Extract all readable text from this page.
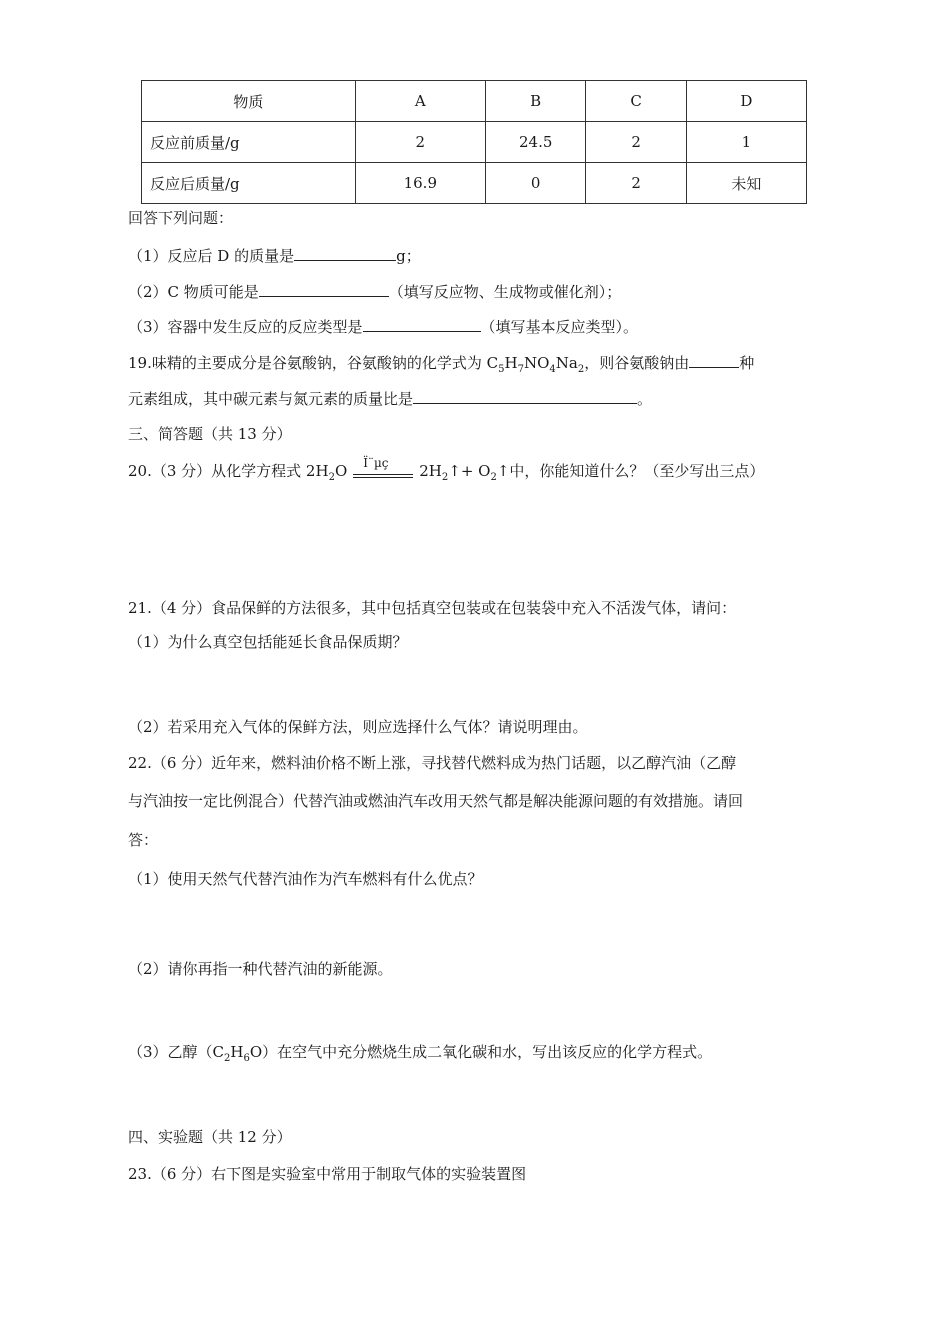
物质	A	B	C	D
反应前质量/g	2	24.5	2	1
反应后质量/g	16.9	0	2	未知
回答下列问题：
（1）反应后 D 的质量是	g；
（2）C 物质可能是	（填写反应物、生成物或催化剂）；
（3）容器中发生反应的反应类型是	（填写基本反应类型）。
19.味精的主要成分是谷氨酸钠，谷氨酸钠的化学式为 $C_5H_7NO_4Na_2$，则谷氨酸钠由	种
元素组成，其中碳元素与氮元素的质量比是	。
三、简答题（共 13 分）
20.（3 分）从化学方程式 $2H_2O$ Ï¨µç $2H_2↑+$ $O_2↑$中，你能知道什么？（至少写出三点）
21.（4 分）食品保鲜的方法很多，其中包括真空包装或在包装袋中充入不活泼气体，请问：
（1）为什么真空包括能延长食品保质期？
（2）若采用充入气体的保鲜方法，则应选择什么气体？请说明理由。
22.（6 分）近年来，燃料油价格不断上涨，寻找替代燃料成为热门话题，以乙醇汽油（乙醇
与汽油按一定比例混合）代替汽油或燃油汽车改用天然气都是解决能源问题的有效措施。请回
答：
（1）使用天然气代替汽油作为汽车燃料有什么优点？
（2）请你再指一种代替汽油的新能源。
（3）乙醇$(C_2H_6O)$在空气中充分燃烧生成二氧化碳和水，写出该反应的化学方程式。
四、实验题（共 12 分）
23.（6 分）右下图是实验室中常用于制取气体的实验装置图
